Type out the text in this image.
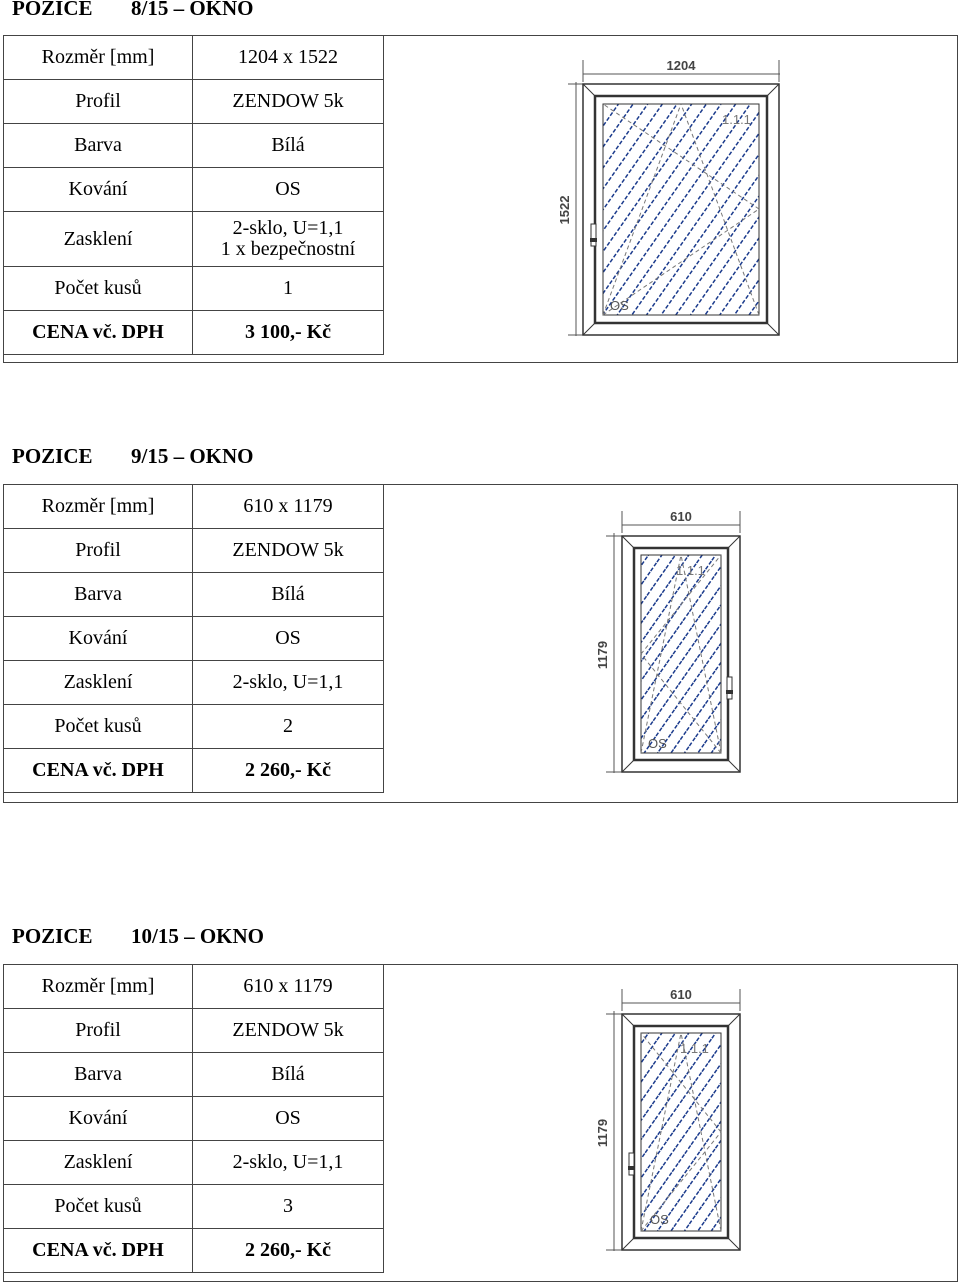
POZICE 8/15 – OKNO
Rozměr [mm]	1204 x 1522
Profil	ZENDOW 5k
Barva	Bílá
Kování	OS
Zasklení	2-sklo, U=1,1
1 x bezpečnostní

Počet kusů	1
CENA vč. DPH	3 100,- Kč
1204
1522
1.1.1
OS
POZICE 9/15 – OKNO
Rozměr [mm]	610 x 1179
Profil	ZENDOW 5k
Barva	Bílá
Kování	OS
Zasklení	2-sklo, U=1,1
Počet kusů	2
CENA vč. DPH	2 260,- Kč
610
1179
1.1.1
OS
POZICE 10/15 – OKNO
Rozměr [mm]	610 x 1179
Profil	ZENDOW 5k
Barva	Bílá
Kování	OS
Zasklení	2-sklo, U=1,1
Počet kusů	3
CENA vč. DPH	2 260,- Kč
610
1179
1.1.1
OS
